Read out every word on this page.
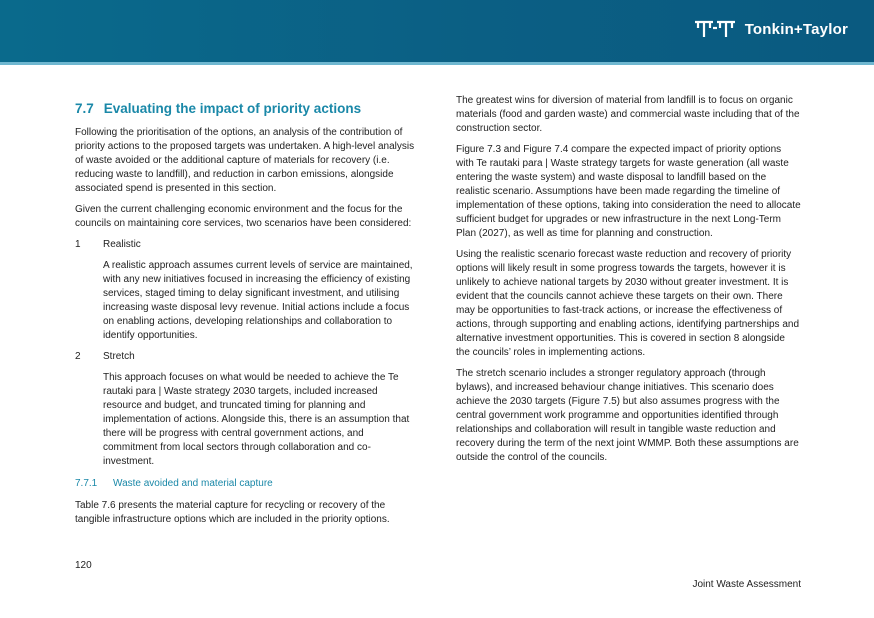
Tonkin+Taylor
7.7 Evaluating the impact of priority actions

Following the prioritisation of the options, an analysis of the contribution of priority actions to the proposed targets was undertaken. A high-level analysis of waste avoided or the additional capture of materials for recovery (i.e. reducing waste to landfill), and reduction in carbon emissions, alongside associated spend is presented in this section.

Given the current challenging economic environment and the focus for the councils on maintaining core services, two scenarios have been considered:

1	Realistic

A realistic approach assumes current levels of service are maintained, with any new initiatives focused in increasing the efficiency of existing services, staged timing to delay significant investment, and utilising increasing waste disposal levy revenue. Initial actions include a focus on enabling actions, developing relationships and collaboration to identify opportunities.

2	Stretch

This approach focuses on what would be needed to achieve the Te rautaki para | Waste strategy 2030 targets, included increased resource and budget, and truncated timing for planning and implementation of actions. Alongside this, there is an assumption that there will be progress with central government actions, and commitment from local sectors through collaboration and co-investment.

7.7.1 Waste avoided and material capture

Table 7.6 presents the material capture for recycling or recovery of the tangible infrastructure options which are included in the priority options.

The greatest wins for diversion of material from landfill is to focus on organic materials (food and garden waste) and commercial waste including that of the construction sector.

Figure 7.3 and Figure 7.4 compare the expected impact of priority options with Te rautaki para | Waste strategy targets for waste generation (all waste entering the waste system) and waste disposal to landfill based on the realistic scenario. Assumptions have been made regarding the timeline of implementation of these options, taking into consideration the need to allocate sufficient budget for upgrades or new infrastructure in the next Long-Term Plan (2027), as well as time for planning and construction.

Using the realistic scenario forecast waste reduction and recovery of priority options will likely result in some progress towards the targets, however it is unlikely to achieve national targets by 2030 without greater investment. It is evident that the councils cannot achieve these targets on their own. There may be opportunities to fast-track actions, or increase the effectiveness of actions, through supporting and enabling actions, identifying partnerships and alternative investment opportunities. This is covered in section 8 alongside the councils’ roles in implementing actions.

The stretch scenario includes a stronger regulatory approach (through bylaws), and increased behaviour change initiatives. This scenario does achieve the 2030 targets (Figure 7.5) but also assumes progress with the central government work programme and opportunities identified through relationships and collaboration will result in tangible waste reduction and recovery during the term of the next joint WMMP. Both these assumptions are outside the control of the councils.

120
Joint Waste Assessment
